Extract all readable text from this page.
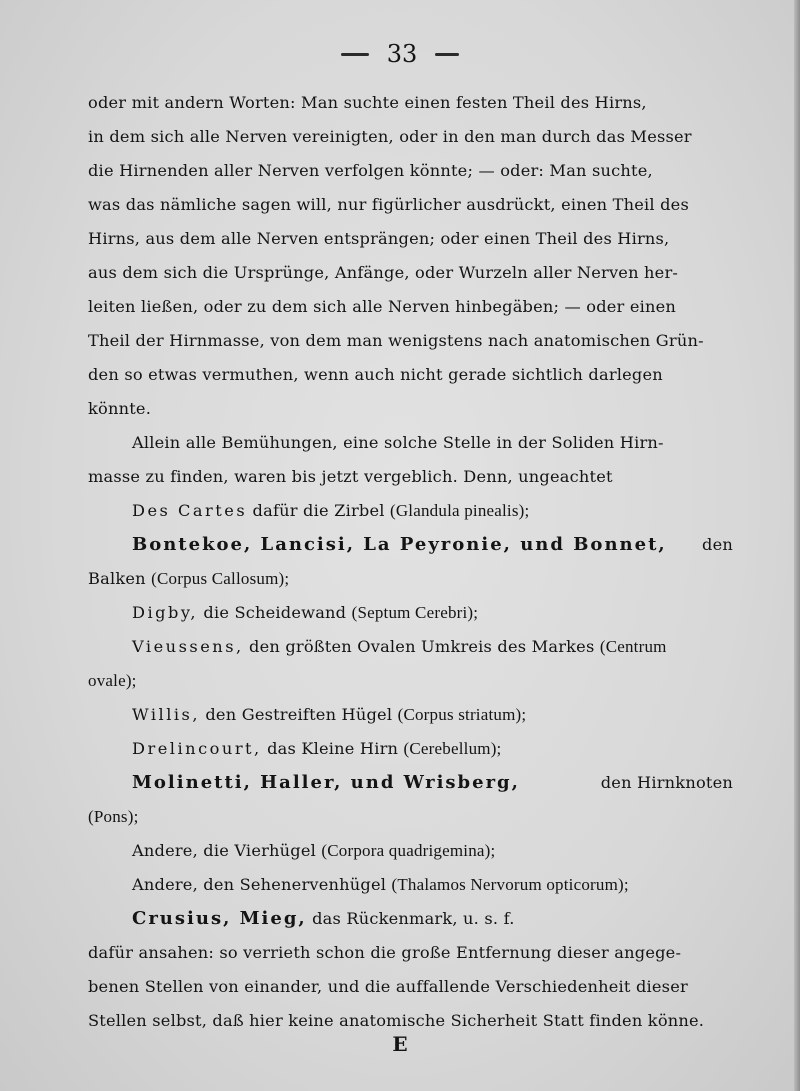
33
oder mit andern Worten: Man suchte einen festen Theil des Hirns,
in dem sich alle Nerven vereinigten, oder in den man durch das Messer
die Hirnenden aller Nerven verfolgen könnte; — oder: Man suchte,
was das nämliche sagen will, nur figürlicher ausdrückt, einen Theil des
Hirns, aus dem alle Nerven entsprängen; oder einen Theil des Hirns,
aus dem sich die Ursprünge, Anfänge, oder Wurzeln aller Nerven her-
leiten ließen, oder zu dem sich alle Nerven hinbegäben; — oder einen
Theil der Hirnmasse, von dem man wenigstens nach anatomischen Grün-
den so etwas vermuthen, wenn auch nicht gerade sichtlich darlegen
könnte.
Allein alle Bemühungen, eine solche Stelle in der Soliden Hirn-
masse zu finden, waren bis jetzt vergeblich. Denn, ungeachtet
Des Cartes dafür die Zirbel (Glandula pinealis);
Bontekoe, Lancisi, La Peyronie, und Bonnet, den
Balken (Corpus Callosum);
Digby, die Scheidewand (Septum Cerebri);
Vieussens, den größten Ovalen Umkreis des Markes (Centrum
ovale);
Willis, den Gestreiften Hügel (Corpus striatum);
Drelincourt, das Kleine Hirn (Cerebellum);
Molinetti, Haller, und Wrisberg,	den Hirnknoten
(Pons);
Andere, die Vierhügel (Corpora quadrigemina);
Andere, den Sehenervenhügel (Thalamos Nervorum opticorum);
Crusius, Mieg, das Rückenmark, u. s. f.
dafür ansahen: so verrieth schon die große Entfernung dieser angege-
benen Stellen von einander, und die auffallende Verschiedenheit dieser
Stellen selbst, daß hier keine anatomische Sicherheit Statt finden könne.
E
